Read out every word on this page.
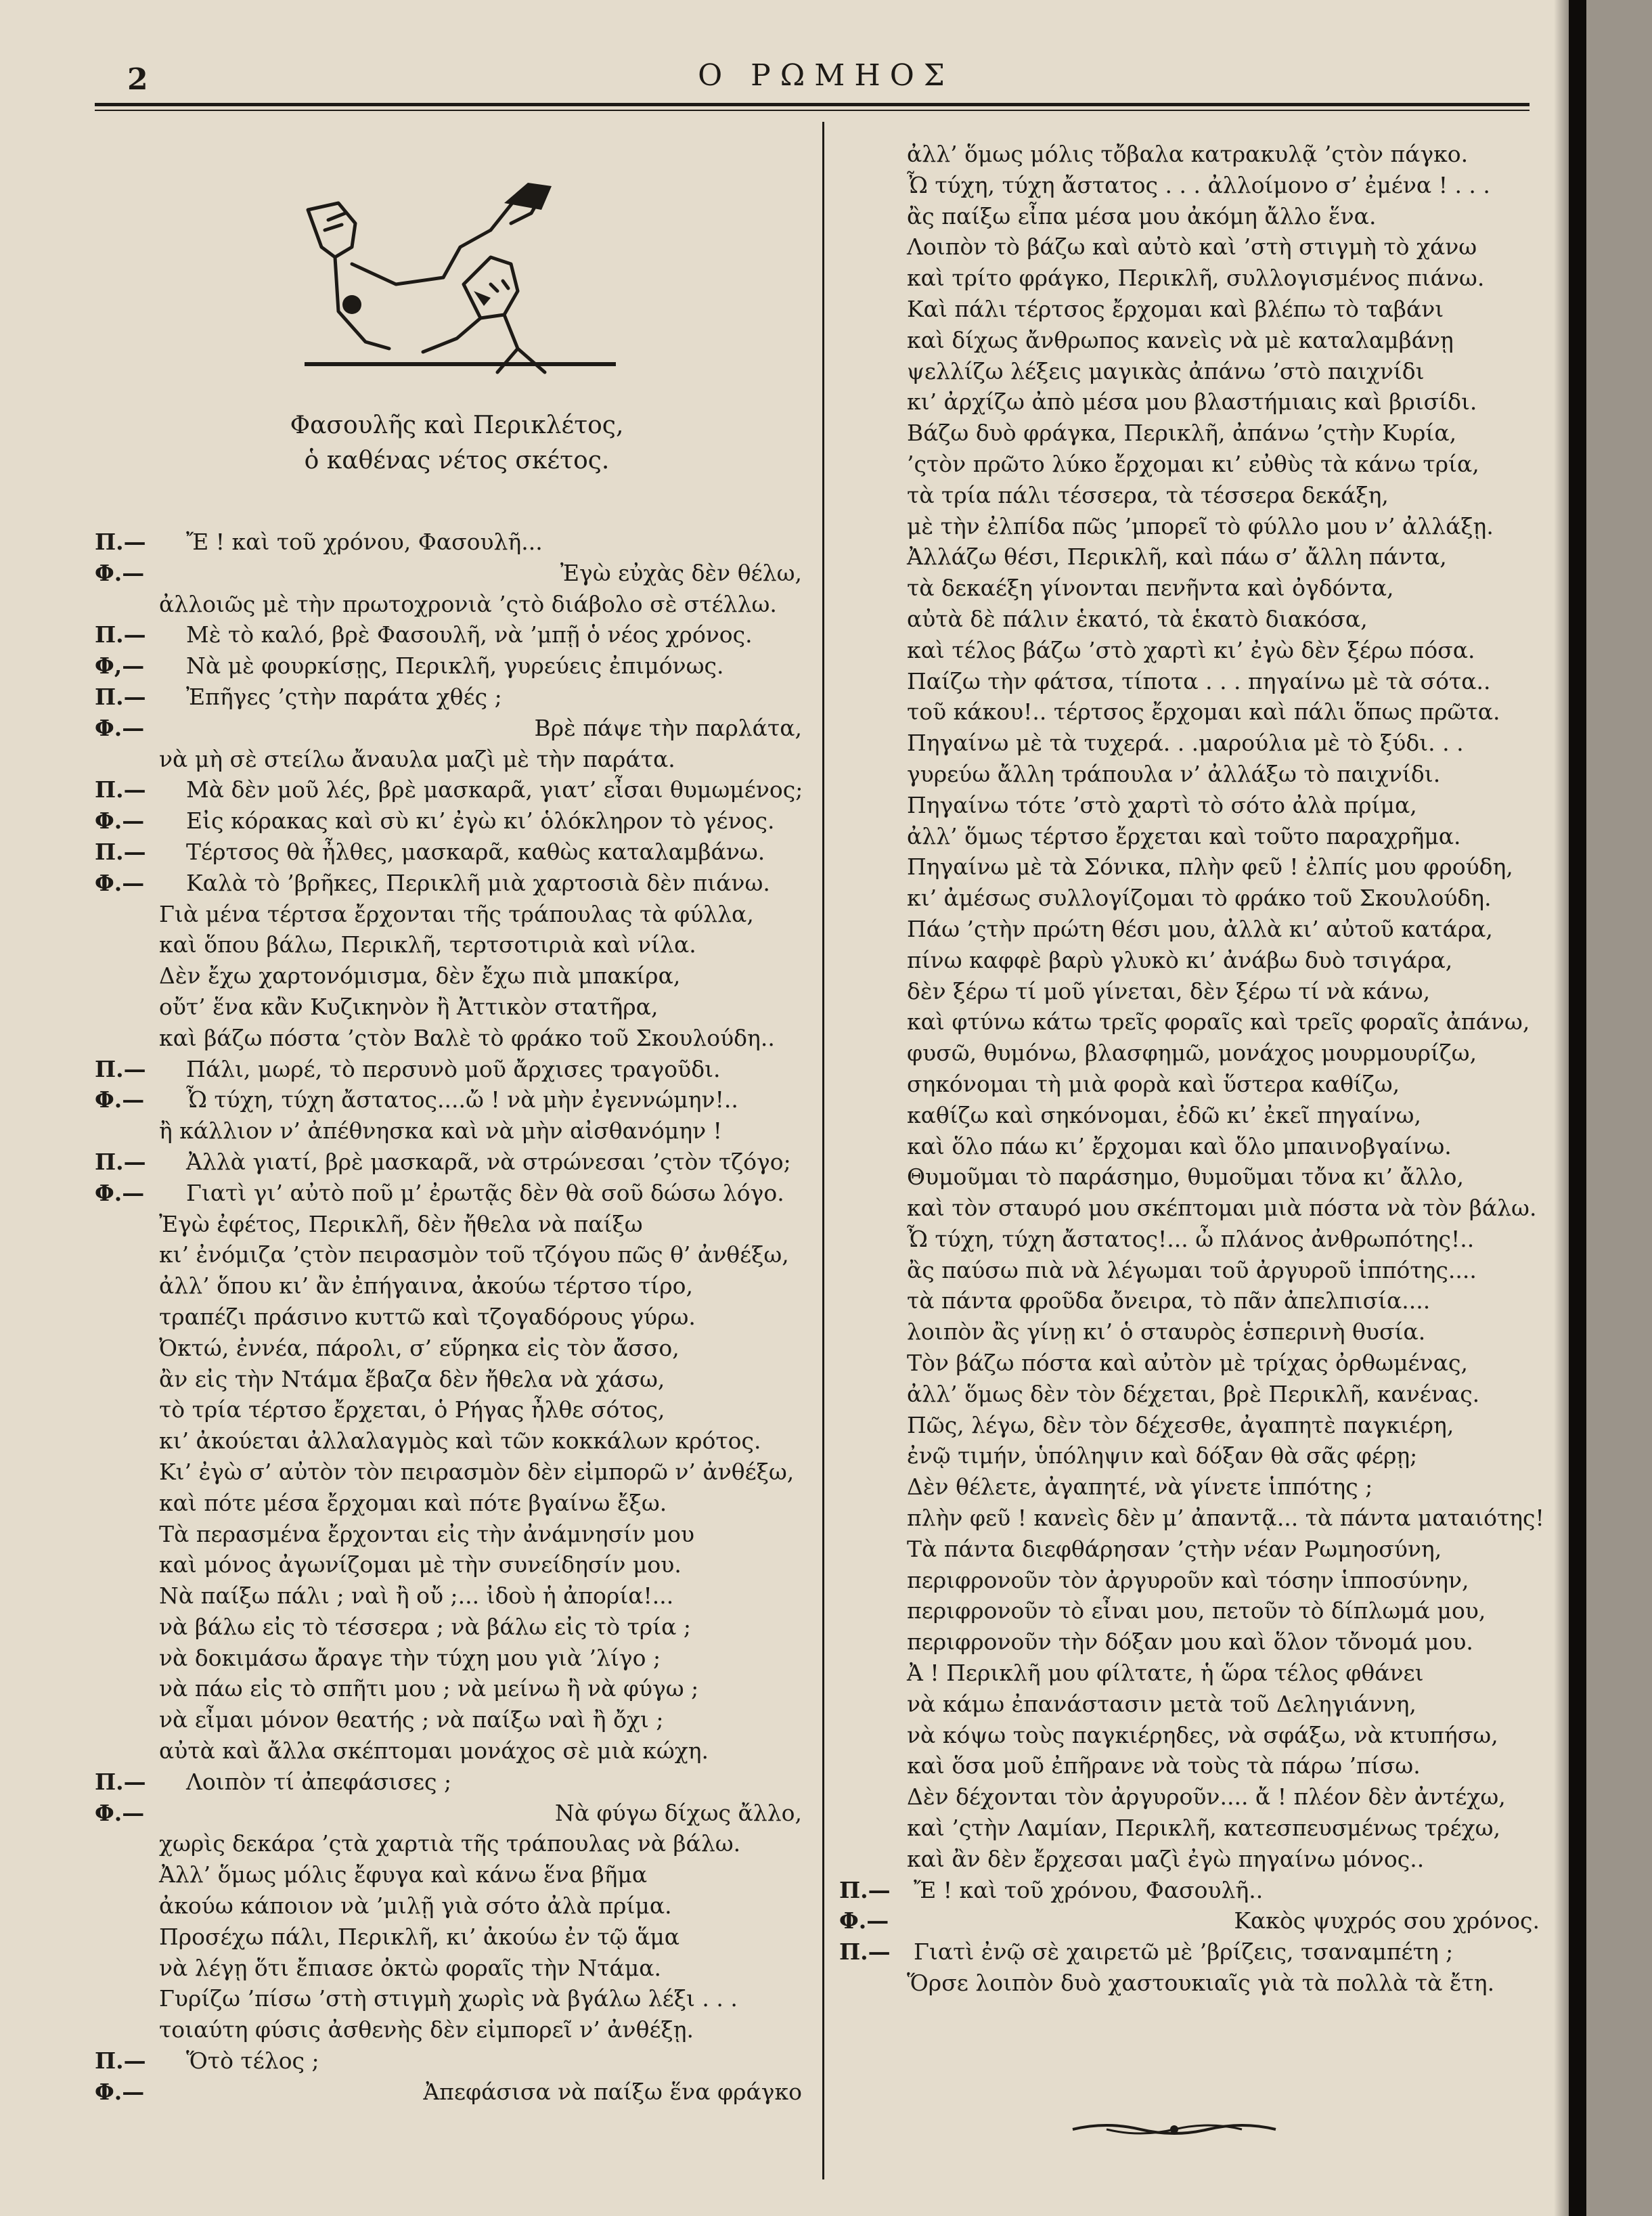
2	Ο ΡΩΜΗΟΣ
Φασουλῆς καὶ Περικλέτος,
ὁ καθένας νέτος σκέτος.
Π.—	Ἔ ! καὶ τοῦ χρόνου, Φασουλῆ...
Φ.—	Ἐγὼ εὐχὰς δὲν θέλω,
ἀλλοιῶς μὲ τὴν πρωτοχρονιὰ ’ςτὸ διάβολο σὲ στέλλω.
Π.—	Μὲ τὸ καλό, βρὲ Φασουλῆ, νὰ ’μπῇ ὁ νέος χρόνος.
Φ,—	Νὰ μὲ φουρκίσῃς, Περικλῆ, γυρεύεις ἐπιμόνως.
Π.—	Ἐπῆγες ’ςτὴν παράτα χθές ;
Φ.—	Βρὲ πάψε τὴν παρλάτα,
νὰ μὴ σὲ στείλω ἄναυλα μαζὶ μὲ τὴν παράτα.
Π.—	Μὰ δὲν μοῦ λές, βρὲ μασκαρᾶ, γιατ’ εἶσαι θυμωμένος;
Φ.—	Εἰς κόρακας καὶ σὺ κι’ ἐγὼ κι’ ὁλόκληρον τὸ γένος.
Π.—	Τέρτσος θὰ ἦλθες, μασκαρᾶ, καθὼς καταλαμβάνω.
Φ.—	Καλὰ τὸ ’βρῆκες, Περικλῆ μιὰ χαρτοσιὰ δὲν πιάνω.
Γιὰ μένα τέρτσα ἔρχονται τῆς τράπουλας τὰ φύλλα,
καὶ ὅπου βάλω, Περικλῆ, τερτσοτιριὰ καὶ νίλα.
Δὲν ἔχω χαρτονόμισμα, δὲν ἔχω πιὰ μπακίρα,
οὔτ’ ἕνα κἂν Κυζικηνὸν ἢ Ἀττικὸν στατῆρα,
καὶ βάζω πόστα ’ςτὸν Βαλὲ τὸ φράκο τοῦ Σκουλούδη..
Π.—	Πάλι, μωρέ, τὸ περσυνὸ μοῦ ἄρχισες τραγοῦδι.
Φ.—	Ὦ τύχη, τύχη ἄστατος....ὤ ! νὰ μὴν ἐγεννώμην!..
ἢ κάλλιον ν’ ἀπέθνησκα καὶ νὰ μὴν αἰσθανόμην !
Π.—	Ἀλλὰ γιατί, βρὲ μασκαρᾶ, νὰ στρώνεσαι ’ςτὸν τζόγο;
Φ.—	Γιατὶ γι’ αὐτὸ ποῦ μ’ ἐρωτᾷς δὲν θὰ σοῦ δώσω λόγο.
Ἐγὼ ἐφέτος, Περικλῆ, δὲν ἤθελα νὰ παίξω
κι’ ἐνόμιζα ’ςτὸν πειρασμὸν τοῦ τζόγου πῶς θ’ ἀνθέξω,
ἀλλ’ ὅπου κι’ ἂν ἐπήγαινα, ἀκούω τέρτσο τίρο,
τραπέζι πράσινο κυττῶ καὶ τζογαδόρους γύρω.
Ὀκτώ, ἐννέα, πάρολι, σ’ εὕρηκα εἰς τὸν ἄσσο,
ἂν εἰς τὴν Ντάμα ἔβαζα δὲν ἤθελα νὰ χάσω,
τὸ τρία τέρτσο ἔρχεται, ὁ Ρήγας ἦλθε σότος,
κι’ ἀκούεται ἀλλαλαγμὸς καὶ τῶν κοκκάλων κρότος.
Κι’ ἐγὼ σ’ αὐτὸν τὸν πειρασμὸν δὲν εἰμπορῶ ν’ ἀνθέξω,
καὶ πότε μέσα ἔρχομαι καὶ πότε βγαίνω ἔξω.
Τὰ περασμένα ἔρχονται εἰς τὴν ἀνάμνησίν μου
καὶ μόνος ἀγωνίζομαι μὲ τὴν συνείδησίν μου.
Νὰ παίξω πάλι ; ναὶ ἢ οὔ ;... ἰδοὺ ἡ ἀπορία!...
νὰ βάλω εἰς τὸ τέσσερα ; νὰ βάλω εἰς τὸ τρία ;
νὰ δοκιμάσω ἄραγε τὴν τύχη μου γιὰ ’λίγο ;
νὰ πάω εἰς τὸ σπῆτι μου ; νὰ μείνω ἢ νὰ φύγω ;
νὰ εἶμαι μόνον θεατής ; νὰ παίξω ναὶ ἢ ὄχι ;
αὐτὰ καὶ ἄλλα σκέπτομαι μονάχος σὲ μιὰ κώχη.
Π.—	Λοιπὸν τί ἀπεφάσισες ;
Φ.—	Νὰ φύγω δίχως ἄλλο,
χωρὶς δεκάρα ’ςτὰ χαρτιὰ τῆς τράπουλας νὰ βάλω.
Ἀλλ’ ὅμως μόλις ἔφυγα καὶ κάνω ἕνα βῆμα
ἀκούω κάποιον νὰ ’μιλῇ γιὰ σότο ἀλὰ πρίμα.
Προσέχω πάλι, Περικλῆ, κι’ ἀκούω ἐν τῷ ἅμα
νὰ λέγῃ ὅτι ἔπιασε ὀκτὼ φοραῖς τὴν Ντάμα.
Γυρίζω ’πίσω ’στὴ στιγμὴ χωρὶς νὰ βγάλω λέξι . . .
τοιαύτη φύσις ἀσθενὴς δὲν εἰμπορεῖ ν’ ἀνθέξῃ.
Π.—	Ὅτὸ τέλος ;
Φ.—	Ἀπεφάσισα νὰ παίξω ἕνα φράγκο
ἀλλ’ ὅμως μόλις τὄβαλα κατρακυλᾷ ’ςτὸν πάγκο.
Ὦ τύχη, τύχη ἄστατος . . . ἀλλοίμονο σ’ ἐμένα ! . . .
ἂς παίξω εἶπα μέσα μου ἀκόμη ἄλλο ἕνα.
Λοιπὸν τὸ βάζω καὶ αὐτὸ καὶ ’στὴ στιγμὴ τὸ χάνω
καὶ τρίτο φράγκο, Περικλῆ, συλλογισμένος πιάνω.
Καὶ πάλι τέρτσος ἔρχομαι καὶ βλέπω τὸ ταβάνι
καὶ δίχως ἄνθρωπος κανεὶς νὰ μὲ καταλαμβάνῃ
ψελλίζω λέξεις μαγικὰς ἀπάνω ’στὸ παιχνίδι
κι’ ἀρχίζω ἀπὸ μέσα μου βλαστήμιαις καὶ βρισίδι.
Βάζω δυὸ φράγκα, Περικλῆ, ἀπάνω ’ςτὴν Κυρία,
’ςτὸν πρῶτο λύκο ἔρχομαι κι’ εὐθὺς τὰ κάνω τρία,
τὰ τρία πάλι τέσσερα, τὰ τέσσερα δεκάξη,
μὲ τὴν ἐλπίδα πῶς ’μπορεῖ τὸ φύλλο μου ν’ ἀλλάξῃ.
Ἀλλάζω θέσι, Περικλῆ, καὶ πάω σ’ ἄλλη πάντα,
τὰ δεκαέξη γίνονται πενῆντα καὶ ὀγδόντα,
αὐτὰ δὲ πάλιν ἑκατό, τὰ ἑκατὸ διακόσα,
καὶ τέλος βάζω ’στὸ χαρτὶ κι’ ἐγὼ δὲν ξέρω πόσα.
Παίζω τὴν φάτσα, τίποτα . . . πηγαίνω μὲ τὰ σότα..
τοῦ κάκου!.. τέρτσος ἔρχομαι καὶ πάλι ὅπως πρῶτα.
Πηγαίνω μὲ τὰ τυχερά. . .μαρούλια μὲ τὸ ξύδι. . .
γυρεύω ἄλλη τράπουλα ν’ ἀλλάξω τὸ παιχνίδι.
Πηγαίνω τότε ’στὸ χαρτὶ τὸ σότο ἀλὰ πρίμα,
ἀλλ’ ὅμως τέρτσο ἔρχεται καὶ τοῦτο παραχρῆμα.
Πηγαίνω μὲ τὰ Σόνικα, πλὴν φεῦ ! ἐλπίς μου φρούδη,
κι’ ἀμέσως συλλογίζομαι τὸ φράκο τοῦ Σκουλούδη.
Πάω ’ςτὴν πρώτη θέσι μου, ἀλλὰ κι’ αὐτοῦ κατάρα,
πίνω καφφὲ βαρὺ γλυκὸ κι’ ἀνάβω δυὸ τσιγάρα,
δὲν ξέρω τί μοῦ γίνεται, δὲν ξέρω τί νὰ κάνω,
καὶ φτύνω κάτω τρεῖς φοραῖς καὶ τρεῖς φοραῖς ἀπάνω,
φυσῶ, θυμόνω, βλασφημῶ, μονάχος μουρμουρίζω,
σηκόνομαι τὴ μιὰ φορὰ καὶ ὕστερα καθίζω,
καθίζω καὶ σηκόνομαι, ἐδῶ κι’ ἐκεῖ πηγαίνω,
καὶ ὅλο πάω κι’ ἔρχομαι καὶ ὅλο μπαινοβγαίνω.
Θυμοῦμαι τὸ παράσημο, θυμοῦμαι τὄνα κι’ ἄλλο,
καὶ τὸν σταυρό μου σκέπτομαι μιὰ πόστα νὰ τὸν βάλω.
Ὦ τύχη, τύχη ἄστατος!... ὦ πλάνος ἀνθρωπότης!..
ἂς παύσω πιὰ νὰ λέγωμαι τοῦ ἀργυροῦ ἱππότης....
τὰ πάντα φροῦδα ὄνειρα, τὸ πᾶν ἀπελπισία....
λοιπὸν ἂς γίνῃ κι’ ὁ σταυρὸς ἑσπερινὴ θυσία.
Τὸν βάζω πόστα καὶ αὐτὸν μὲ τρίχας ὀρθωμένας,
ἀλλ’ ὅμως δὲν τὸν δέχεται, βρὲ Περικλῆ, κανένας.
Πῶς, λέγω, δὲν τὸν δέχεσθε, ἀγαπητὲ παγκιέρη,
ἐνῷ τιμήν, ὑπόληψιν καὶ δόξαν θὰ σᾶς φέρῃ;
Δὲν θέλετε, ἀγαπητέ, νὰ γίνετε ἱππότης ;
πλὴν φεῦ ! κανεὶς δὲν μ’ ἀπαντᾷ... τὰ πάντα ματαιότης!
Τὰ πάντα διεφθάρησαν ’ςτὴν νέαν Ρωμηοσύνη,
περιφρονοῦν τὸν ἀργυροῦν καὶ τόσην ἱπποσύνην,
περιφρονοῦν τὸ εἶναι μου, πετοῦν τὸ δίπλωμά μου,
περιφρονοῦν τὴν δόξαν μου καὶ ὅλον τὄνομά μου.
Ἀ ! Περικλῆ μου φίλτατε, ἡ ὥρα τέλος φθάνει
νὰ κάμω ἐπανάστασιν μετὰ τοῦ Δεληγιάννη,
νὰ κόψω τοὺς παγκιέρηδες, νὰ σφάξω, νὰ κτυπήσω,
καὶ ὅσα μοῦ ἐπῆρανε νὰ τοὺς τὰ πάρω ’πίσω.
Δὲν δέχονται τὸν ἀργυροῦν.... ἄ ! πλέον δὲν ἀντέχω,
καὶ ’ςτὴν Λαμίαν, Περικλῆ, κατεσπευσμένως τρέχω,
καὶ ἂν δὲν ἔρχεσαι μαζὶ ἐγὼ πηγαίνω μόνος..
Π.—	Ἔ ! καὶ τοῦ χρόνου, Φασουλῆ..
Φ.—	Κακὸς ψυχρός σου χρόνος.
Π.—	Γιατὶ ἐνῷ σὲ χαιρετῶ μὲ ’βρίζεις, τσαναμπέτη ;
Ὅρσε λοιπὸν δυὸ χαστουκιαῖς γιὰ τὰ πολλὰ τὰ ἔτη.
